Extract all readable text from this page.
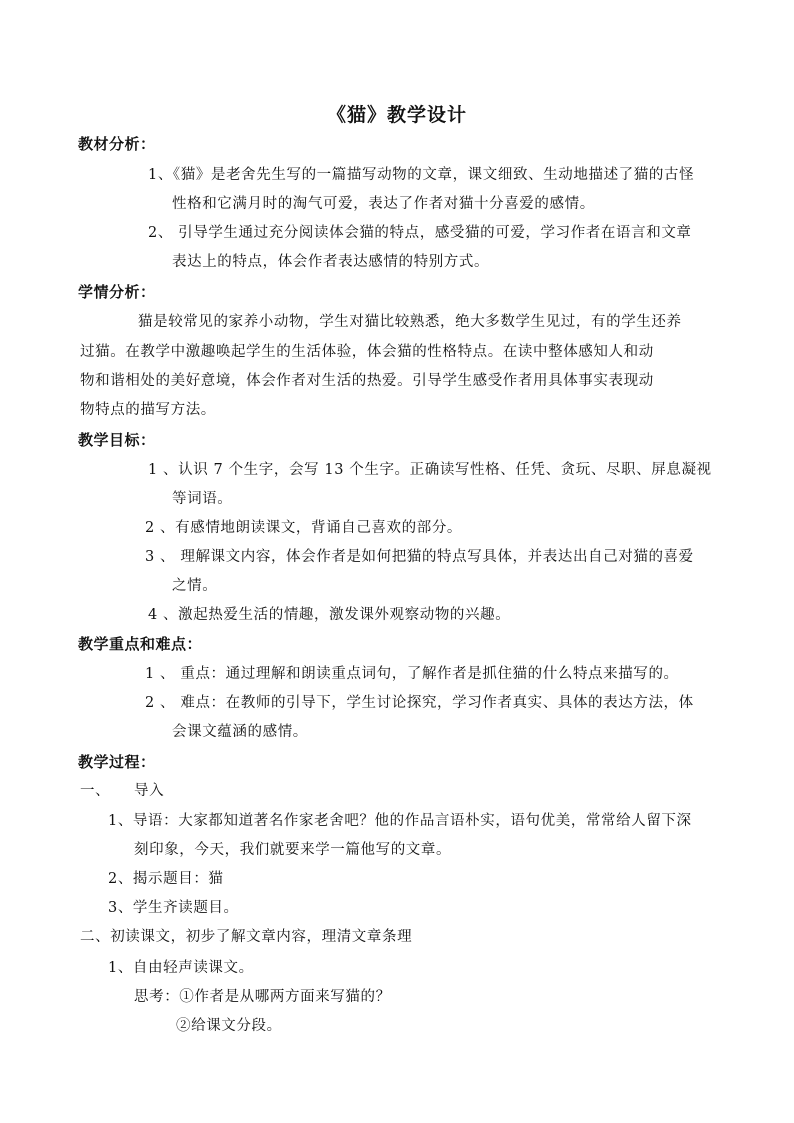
《猫》教学设计
教材分析：
1、《猫》是老舍先生写的一篇描写动物的文章，课文细致、生动地描述了猫的古怪
性格和它满月时的淘气可爱，表达了作者对猫十分喜爱的感情。
2、 引导学生通过充分阅读体会猫的特点，感受猫的可爱，学习作者在语言和文章
表达上的特点，体会作者表达感情的特别方式。
学情分析：
猫是较常见的家养小动物，学生对猫比较熟悉，绝大多数学生见过，有的学生还养
过猫。在教学中激趣唤起学生的生活体验，体会猫的性格特点。在读中整体感知人和动
物和谐相处的美好意境，体会作者对生活的热爱。引导学生感受作者用具体事实表现动
物特点的描写方法。
教学目标：
1 、认识 7 个生字，会写 13 个生字。正确读写性格、任凭、贪玩、尽职、屏息凝视
等词语。
2 、有感情地朗读课文，背诵自己喜欢的部分。
3 、 理解课文内容，体会作者是如何把猫的特点写具体，并表达出自己对猫的喜爱
之情。
4 、激起热爱生活的情趣，激发课外观察动物的兴趣。
教学重点和难点：
1 、 重点：通过理解和朗读重点词句，了解作者是抓住猫的什么特点来描写的。
2 、 难点：在教师的引导下，学生讨论探究，学习作者真实、具体的表达方法，体
会课文蕴涵的感情。
教学过程：
一、 导入
1、导语：大家都知道著名作家老舍吧？他的作品言语朴实，语句优美，常常给人留下深
刻印象，今天，我们就要来学一篇他写的文章。
2、揭示题目：猫
3、学生齐读题目。
二、初读课文，初步了解文章内容，理清文章条理
1、自由轻声读课文。
思考：①作者是从哪两方面来写猫的？
②给课文分段。
